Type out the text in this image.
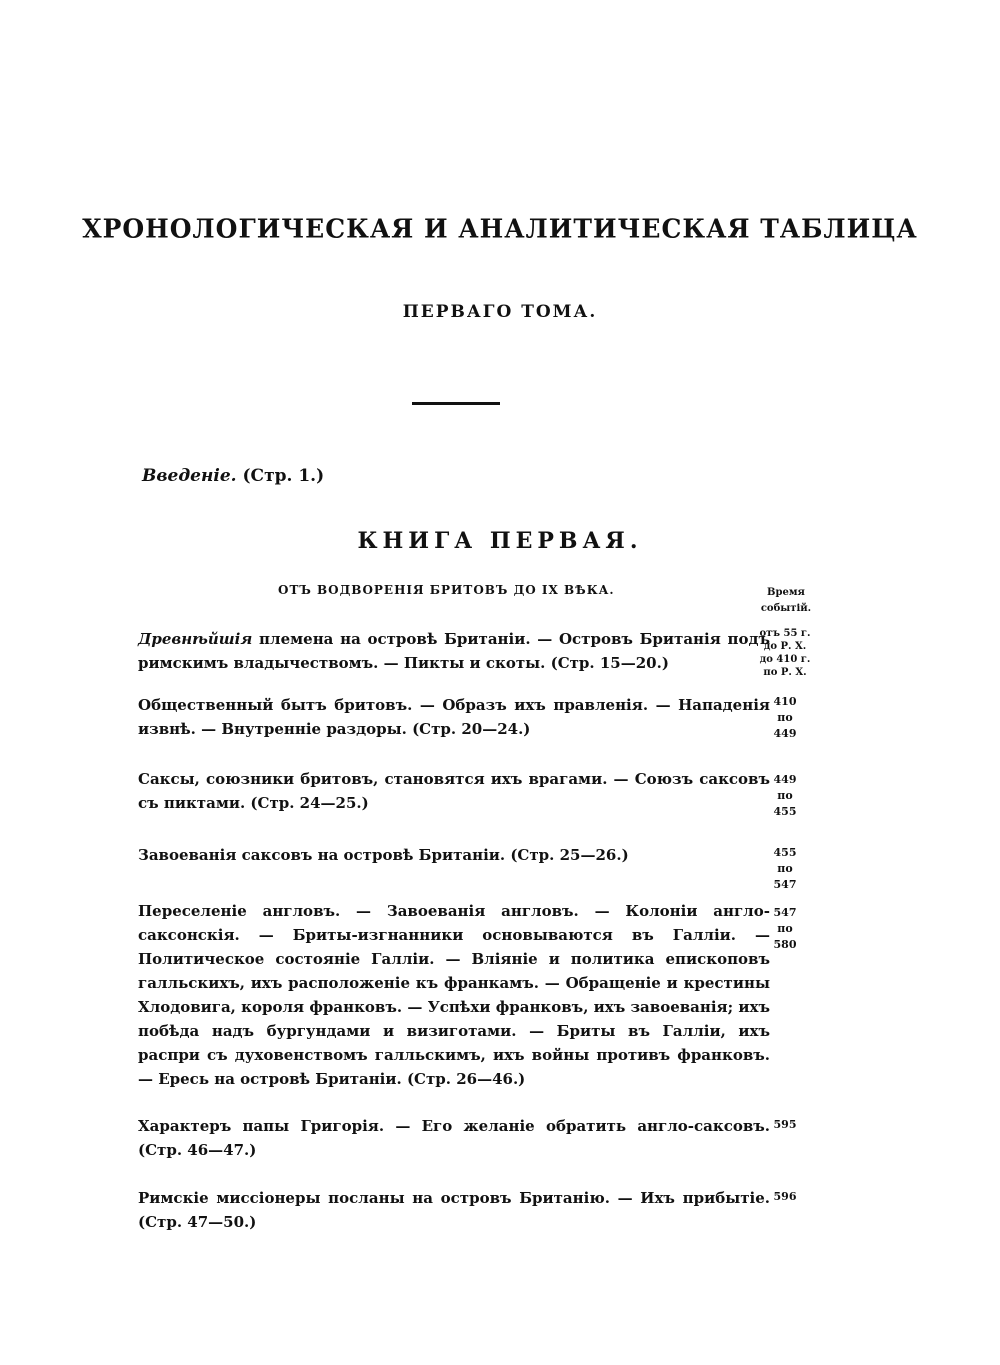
ХРОНОЛОГИЧЕСКАЯ И АНАЛИТИЧЕСКАЯ ТАБЛИЦА
ПЕРВАГО ТОМА.
Введеніе. (Стр. 1.)
КНИГА ПЕРВАЯ.
ОТЪ ВОДВОРЕНІЯ БРИТОВЪ ДО IX ВѢКА.	Время
событій.
Древнѣйшія племена на островѣ Британіи. — Островъ Британія подъ римскимъ владычествомъ. — Пикты и скоты. (Стр. 15—20.)
отъ 55 г.
до Р. X.
до 410 г.
по Р. X.
Общественный бытъ бритовъ. — Образъ ихъ правленія. — Нападенія извнѣ. — Внутренніе раздоры. (Стр. 20—24.)
410
по
449
Саксы, союзники бритовъ, становятся ихъ врагами. — Союзъ саксовъ съ пиктами. (Стр. 24—25.)
449
по
455
Завоеванія саксовъ на островѣ Британіи. (Стр. 25—26.)	455
по
547
Переселеніе англовъ. — Завоеванія англовъ. — Колоніи англо-саксонскія. — Бриты-изгнанники основываются въ Галліи. — Политическое состояніе Галліи. — Вліяніе и политика епископовъ галльскихъ, ихъ расположеніе къ франкамъ. — Обращеніе и крестины Хлодовига, короля франковъ. — Успѣхи франковъ, ихъ завоеванія; ихъ побѣда надъ бургундами и визиготами. — Бриты въ Галліи, ихъ распри съ духовенствомъ галльскимъ, ихъ войны противъ франковъ. — Ересь на островѣ Британіи. (Стр. 26—46.)
547
по
580
Характеръ папы Григорія. — Его желаніе обратить англо-саксовъ. (Стр. 46—47.)
595
Римскіе миссіонеры посланы на островъ Британію. — Ихъ прибытіе. (Стр. 47—50.)
596
